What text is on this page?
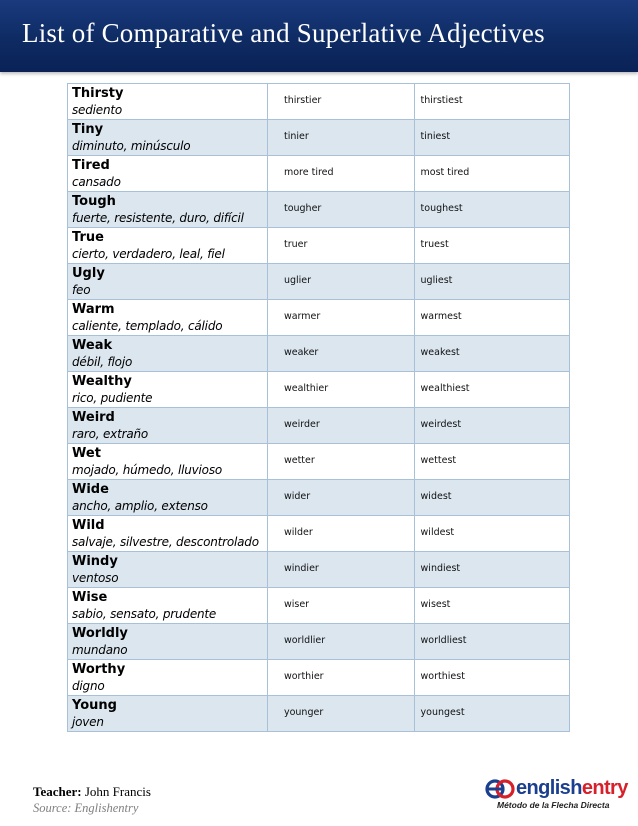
List of Comparative and Superlative Adjectives
Thirsty
sediento	thirstier	thirstiest

Tiny
diminuto, minúsculo	tinier	tiniest

Tired
cansado	more tired	most tired

Tough
fuerte, resistente, duro, difícil	tougher	toughest

True
cierto, verdadero, leal, fiel	truer	truest

Ugly
feo	uglier	ugliest

Warm
caliente, templado, cálido	warmer	warmest

Weak
débil, flojo	weaker	weakest

Wealthy
rico, pudiente	wealthier	wealthiest

Weird
raro, extraño	weirder	weirdest

Wet
mojado, húmedo, lluvioso	wetter	wettest

Wide
ancho, amplio, extenso	wider	widest

Wild
salvaje, silvestre, descontrolado	wilder	wildest

Windy
ventoso	windier	windiest

Wise
sabio, sensato, prudente	wiser	wisest

Worldly
mundano	worldlier	worldliest

Worthy
digno	worthier	worthiest

Young
joven	younger	youngest
Teacher: John Francis
Source: Englishentry
englishentry
Método de la Flecha Directa
